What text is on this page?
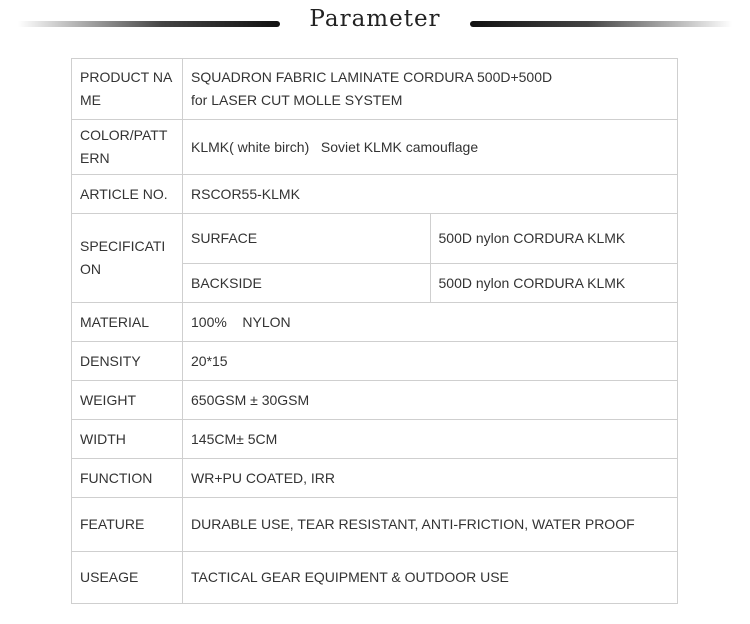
Parameter
PRODUCT NAME	SQUADRON FABRIC LAMINATE CORDURA 500D+500D
for LASER CUT MOLLE SYSTEM	

COLOR/PATTERN	KLMK( white birch)   Soviet KLMK camouflage	
ARTICLE NO.	RSCOR55-KLMK	
SPECIFICATION	SURFACE	500D nylon CORDURA KLMK
	BACKSIDE	500D nylon CORDURA KLMK
MATERIAL	100%    NYLON	
DENSITY	20*15	
WEIGHT	650GSM ± 30GSM	
WIDTH	145CM± 5CM	
FUNCTION	WR+PU COATED, IRR	
FEATURE	DURABLE USE, TEAR RESISTANT, ANTI-FRICTION, WATER PROOF	
USEAGE	TACTICAL GEAR EQUIPMENT & OUTDOOR USE	
